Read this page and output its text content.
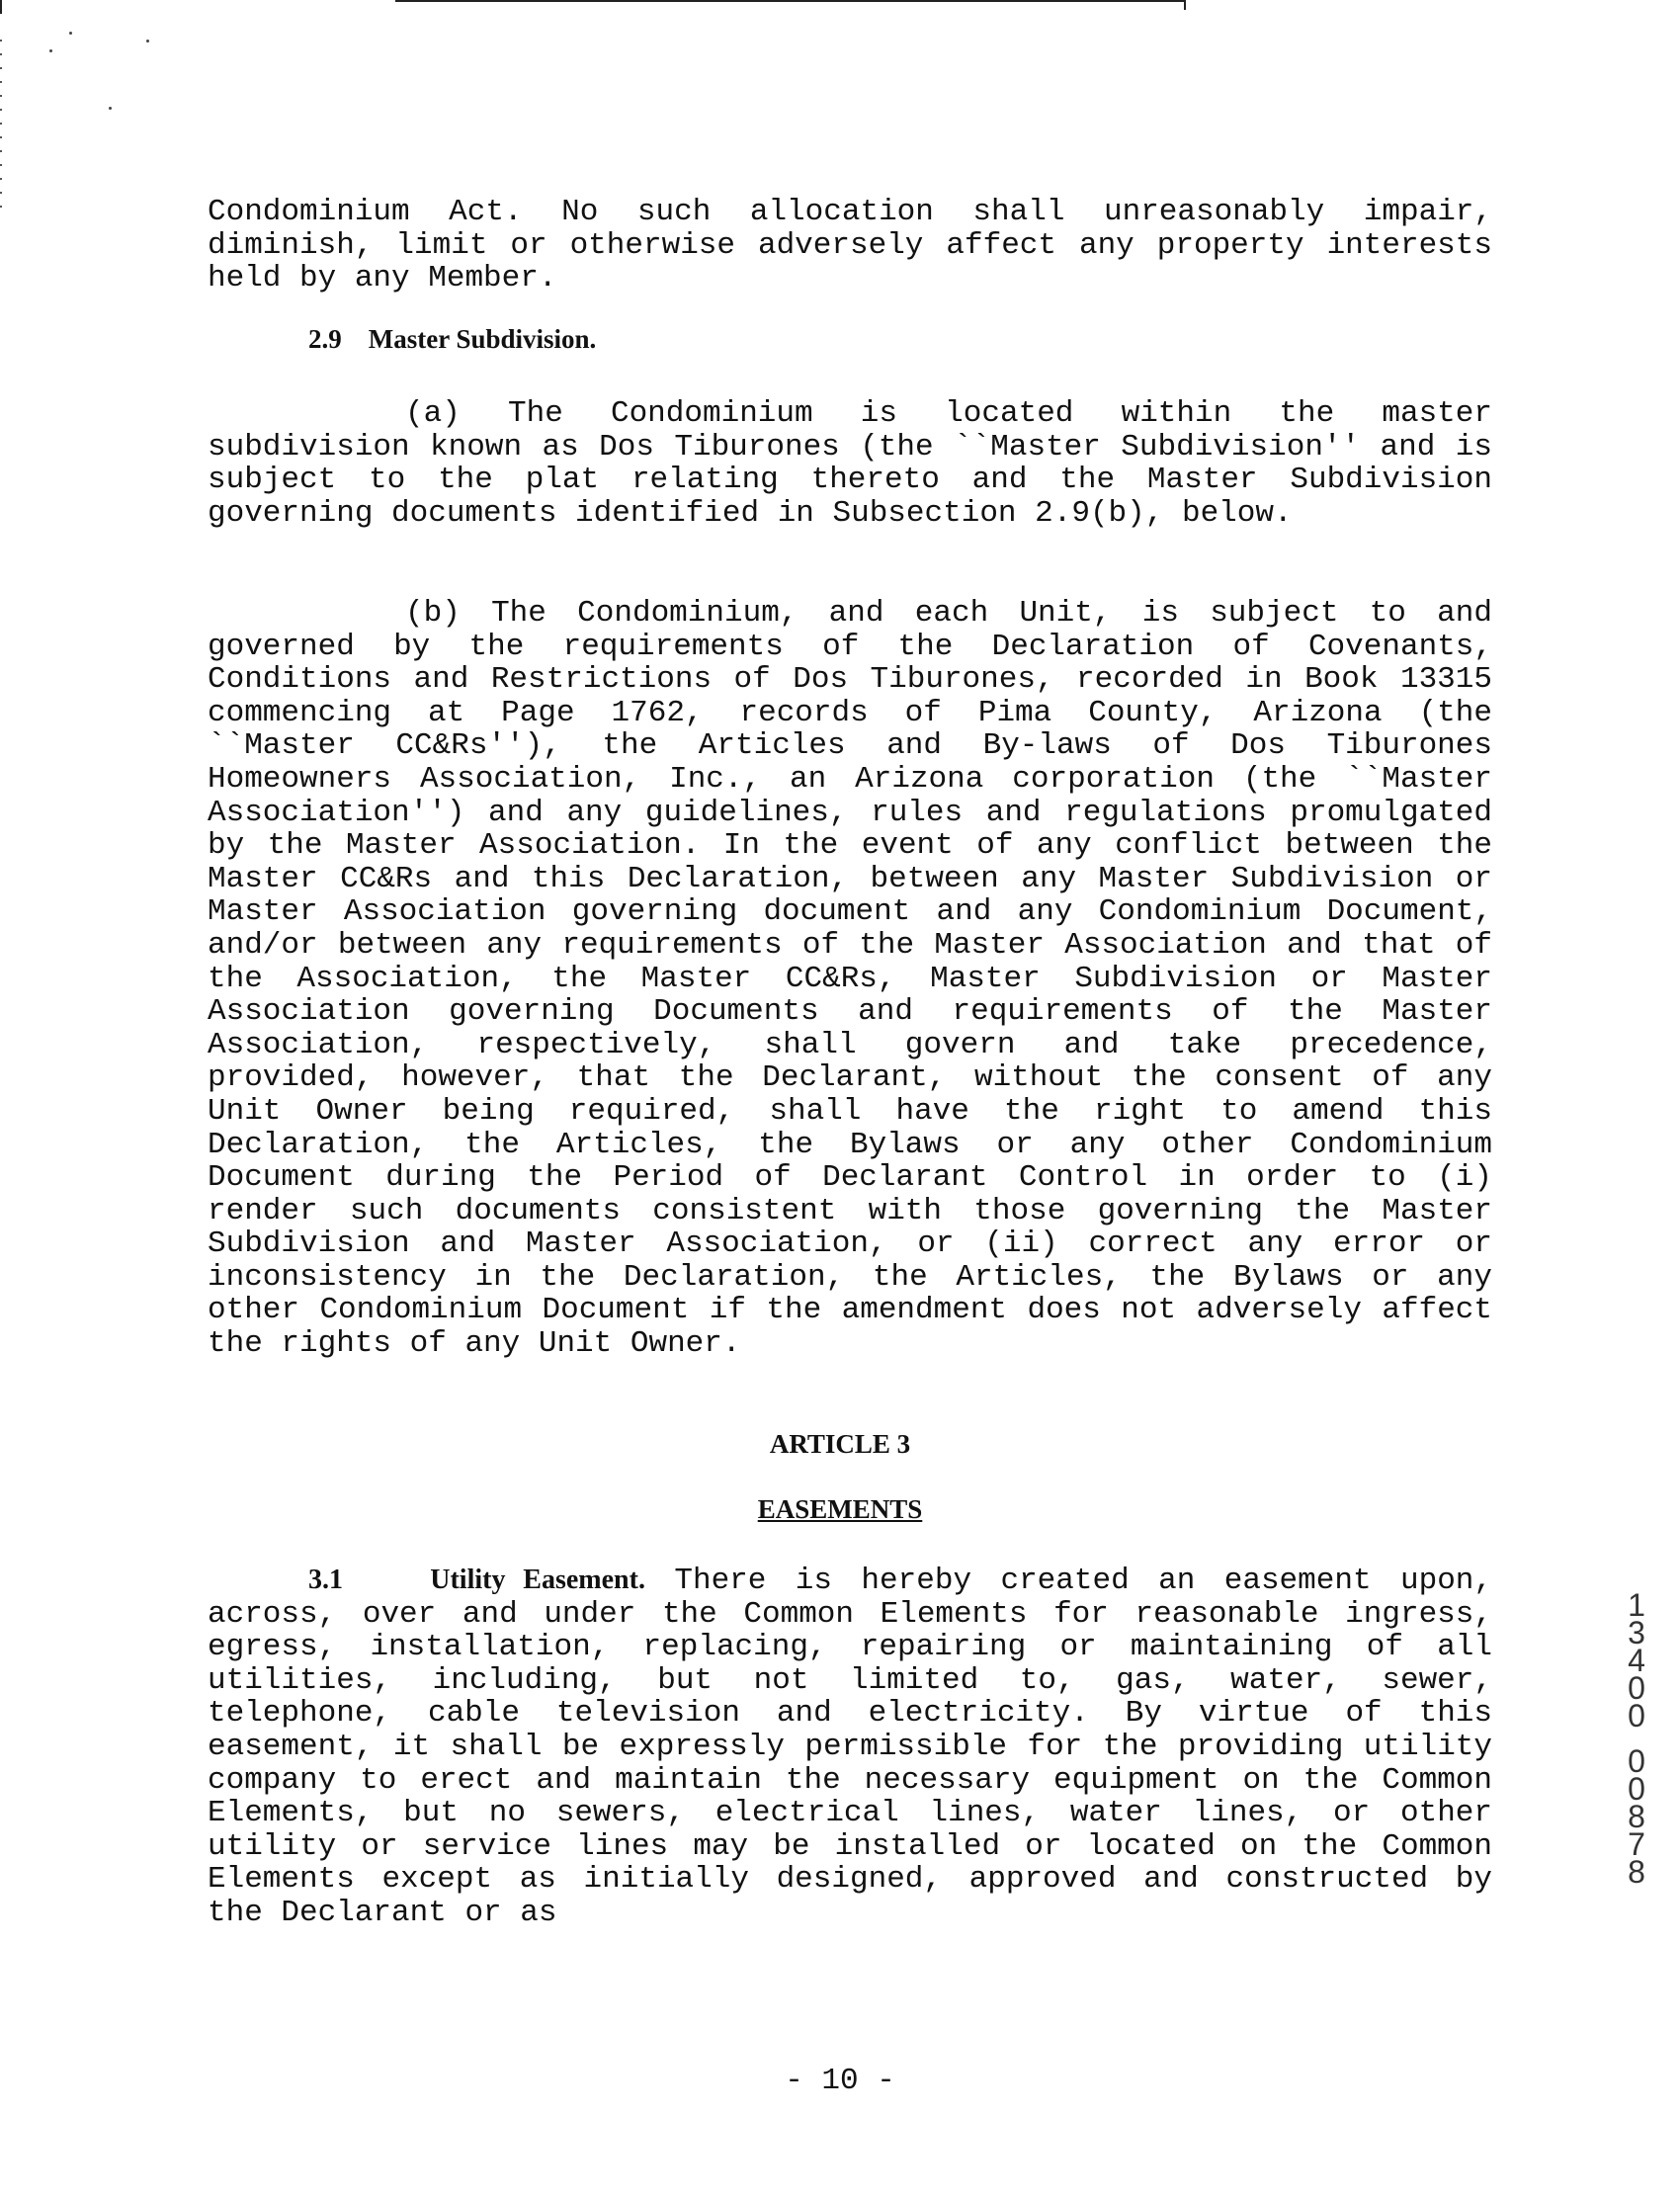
Condominium Act. No such allocation shall unreasonably impair, diminish, limit or otherwise adversely affect any property interests held by any Member.

2.9 Master Subdivision.

(a) The Condominium is located within the master subdivision known as Dos Tiburones (the ``Master Subdivision'' and is subject to the plat relating thereto and the Master Subdivision governing documents identified in Subsection 2.9(b), below.

(b) The Condominium, and each Unit, is subject to and governed by the requirements of the Declaration of Covenants, Conditions and Restrictions of Dos Tiburones, recorded in Book 13315 commencing at Page 1762, records of Pima County, Arizona (the ``Master CC&Rs''), the Articles and By-laws of Dos Tiburones Homeowners Association, Inc., an Arizona corporation (the ``Master Association'') and any guidelines, rules and regulations promulgated by the Master Association. In the event of any conflict between the Master CC&Rs and this Declaration, between any Master Subdivision or Master Association governing document and any Condominium Document, and/or between any requirements of the Master Association and that of the Association, the Master CC&Rs, Master Subdivision or Master Association governing Documents and requirements of the Master Association, respectively, shall govern and take precedence, provided, however, that the Declarant, without the consent of any Unit Owner being required, shall have the right to amend this Declaration, the Articles, the Bylaws or any other Condominium Document during the Period of Declarant Control in order to (i) render such documents consistent with those governing the Master Subdivision and Master Association, or (ii) correct any error or inconsistency in the Declaration, the Articles, the Bylaws or any other Condominium Document if the amendment does not adversely affect the rights of any Unit Owner.

ARTICLE 3

EASEMENTS

3.1	Utility Easement. There is hereby created an easement upon, across, over and under the Common Elements for reasonable ingress, egress, installation, replacing, repairing or maintaining of all utilities, including, but not limited to, gas, water, sewer, telephone, cable television and electricity. By virtue of this easement, it shall be expressly permissible for the providing utility company to erect and maintain the necessary equipment on the Common Elements, but no sewers, electrical lines, water lines, or other utility or service lines may be installed or located on the Common Elements except as initially designed, approved and constructed by the Declarant or as

- 10 -

1
3
4
0
0
0
0
8
7
8
